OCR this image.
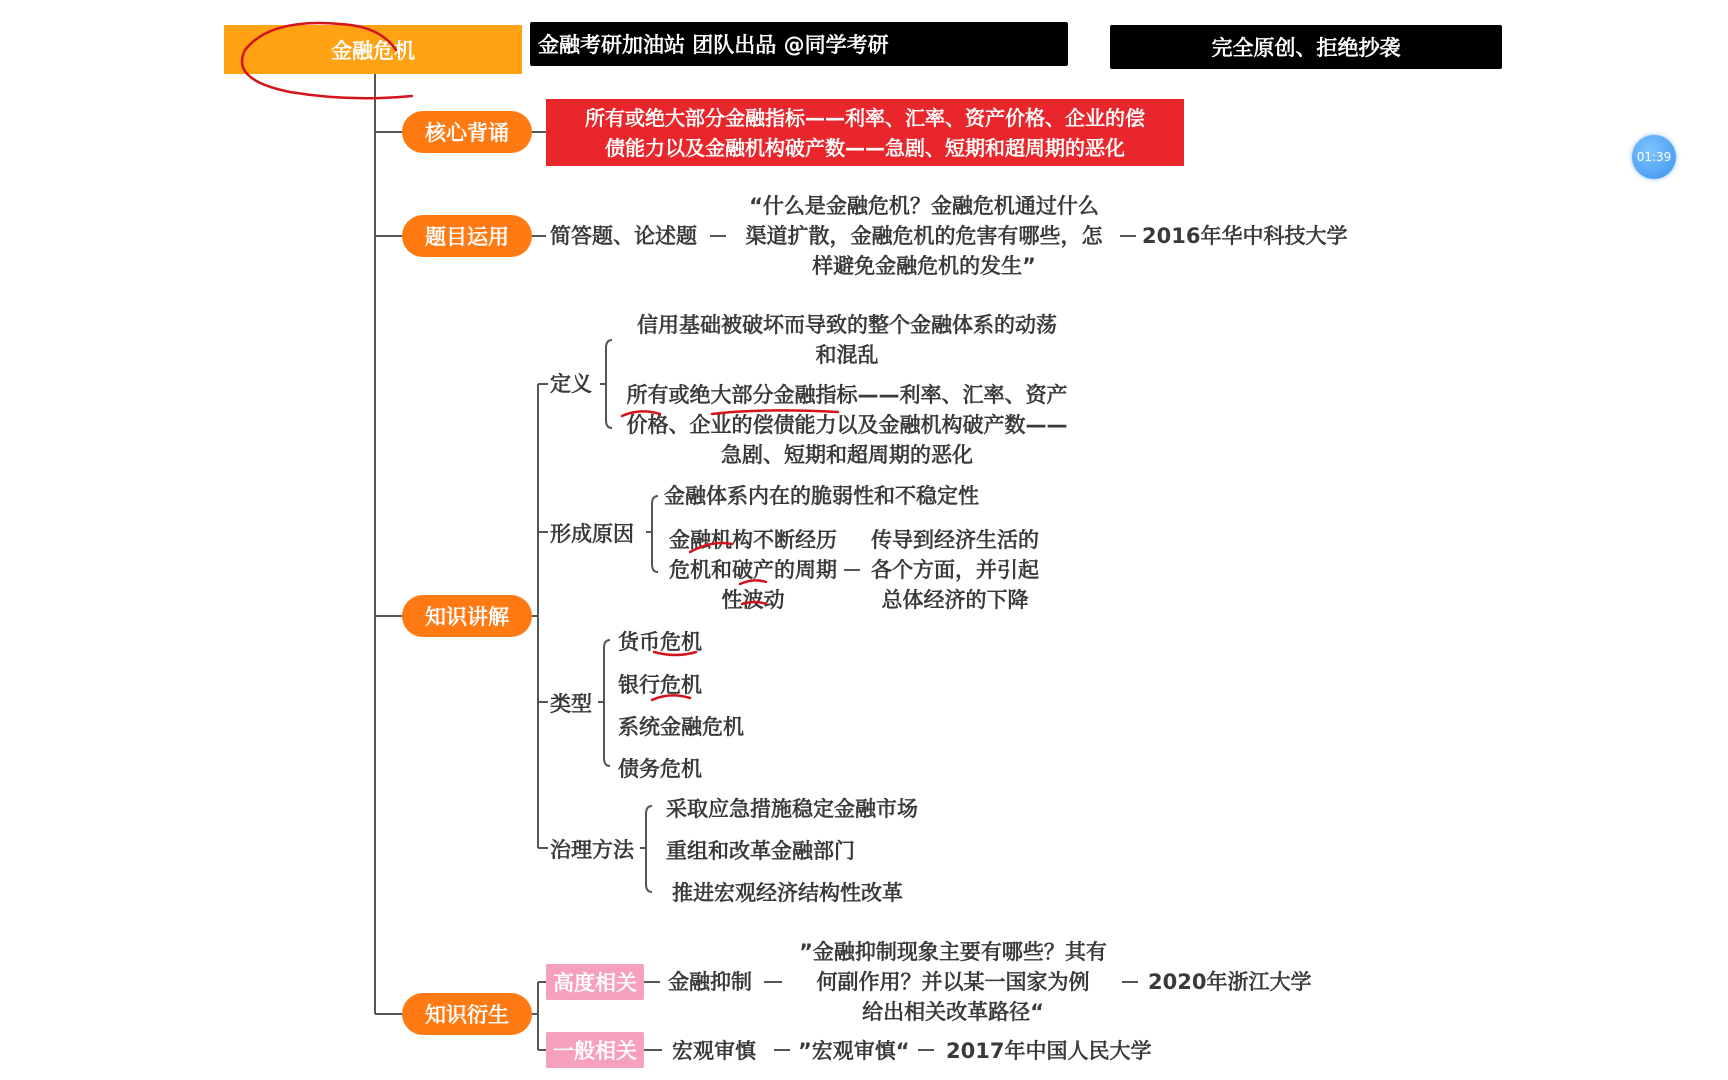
金融危机	金融考研加油站 团队出品 @同学考研	完全原创、拒绝抄袭
01:39
核心背诵
所有或绝大部分金融指标——利率、汇率、资产价格、企业的偿
债能力以及金融机构破产数——急剧、短期和超周期的恶化
题目运用	简答题、论述题
“什么是金融危机？金融危机通过什么
渠道扩散，金融危机的危害有哪些，怎
样避免金融危机的发生”
2016年华中科技大学
知识讲解
定义
信用基础被破坏而导致的整个金融体系的动荡
和混乱
所有或绝大部分金融指标——利率、汇率、资产
价格、企业的偿债能力以及金融机构破产数——
急剧、短期和超周期的恶化
形成原因
金融体系内在的脆弱性和不稳定性
金融机构不断经历
危机和破产的周期
性波动
传导到经济生活的
各个方面，并引起
总体经济的下降
类型
货币危机
银行危机
系统金融危机
债务危机
治理方法
采取应急措施稳定金融市场
重组和改革金融部门
推进宏观经济结构性改革
知识衍生
高度相关	金融抑制
”金融抑制现象主要有哪些？其有
何副作用？并以某一国家为例
给出相关改革路径“
2020年浙江大学
一般相关	宏观审慎 ”宏观审慎“ 2017年中国人民大学
